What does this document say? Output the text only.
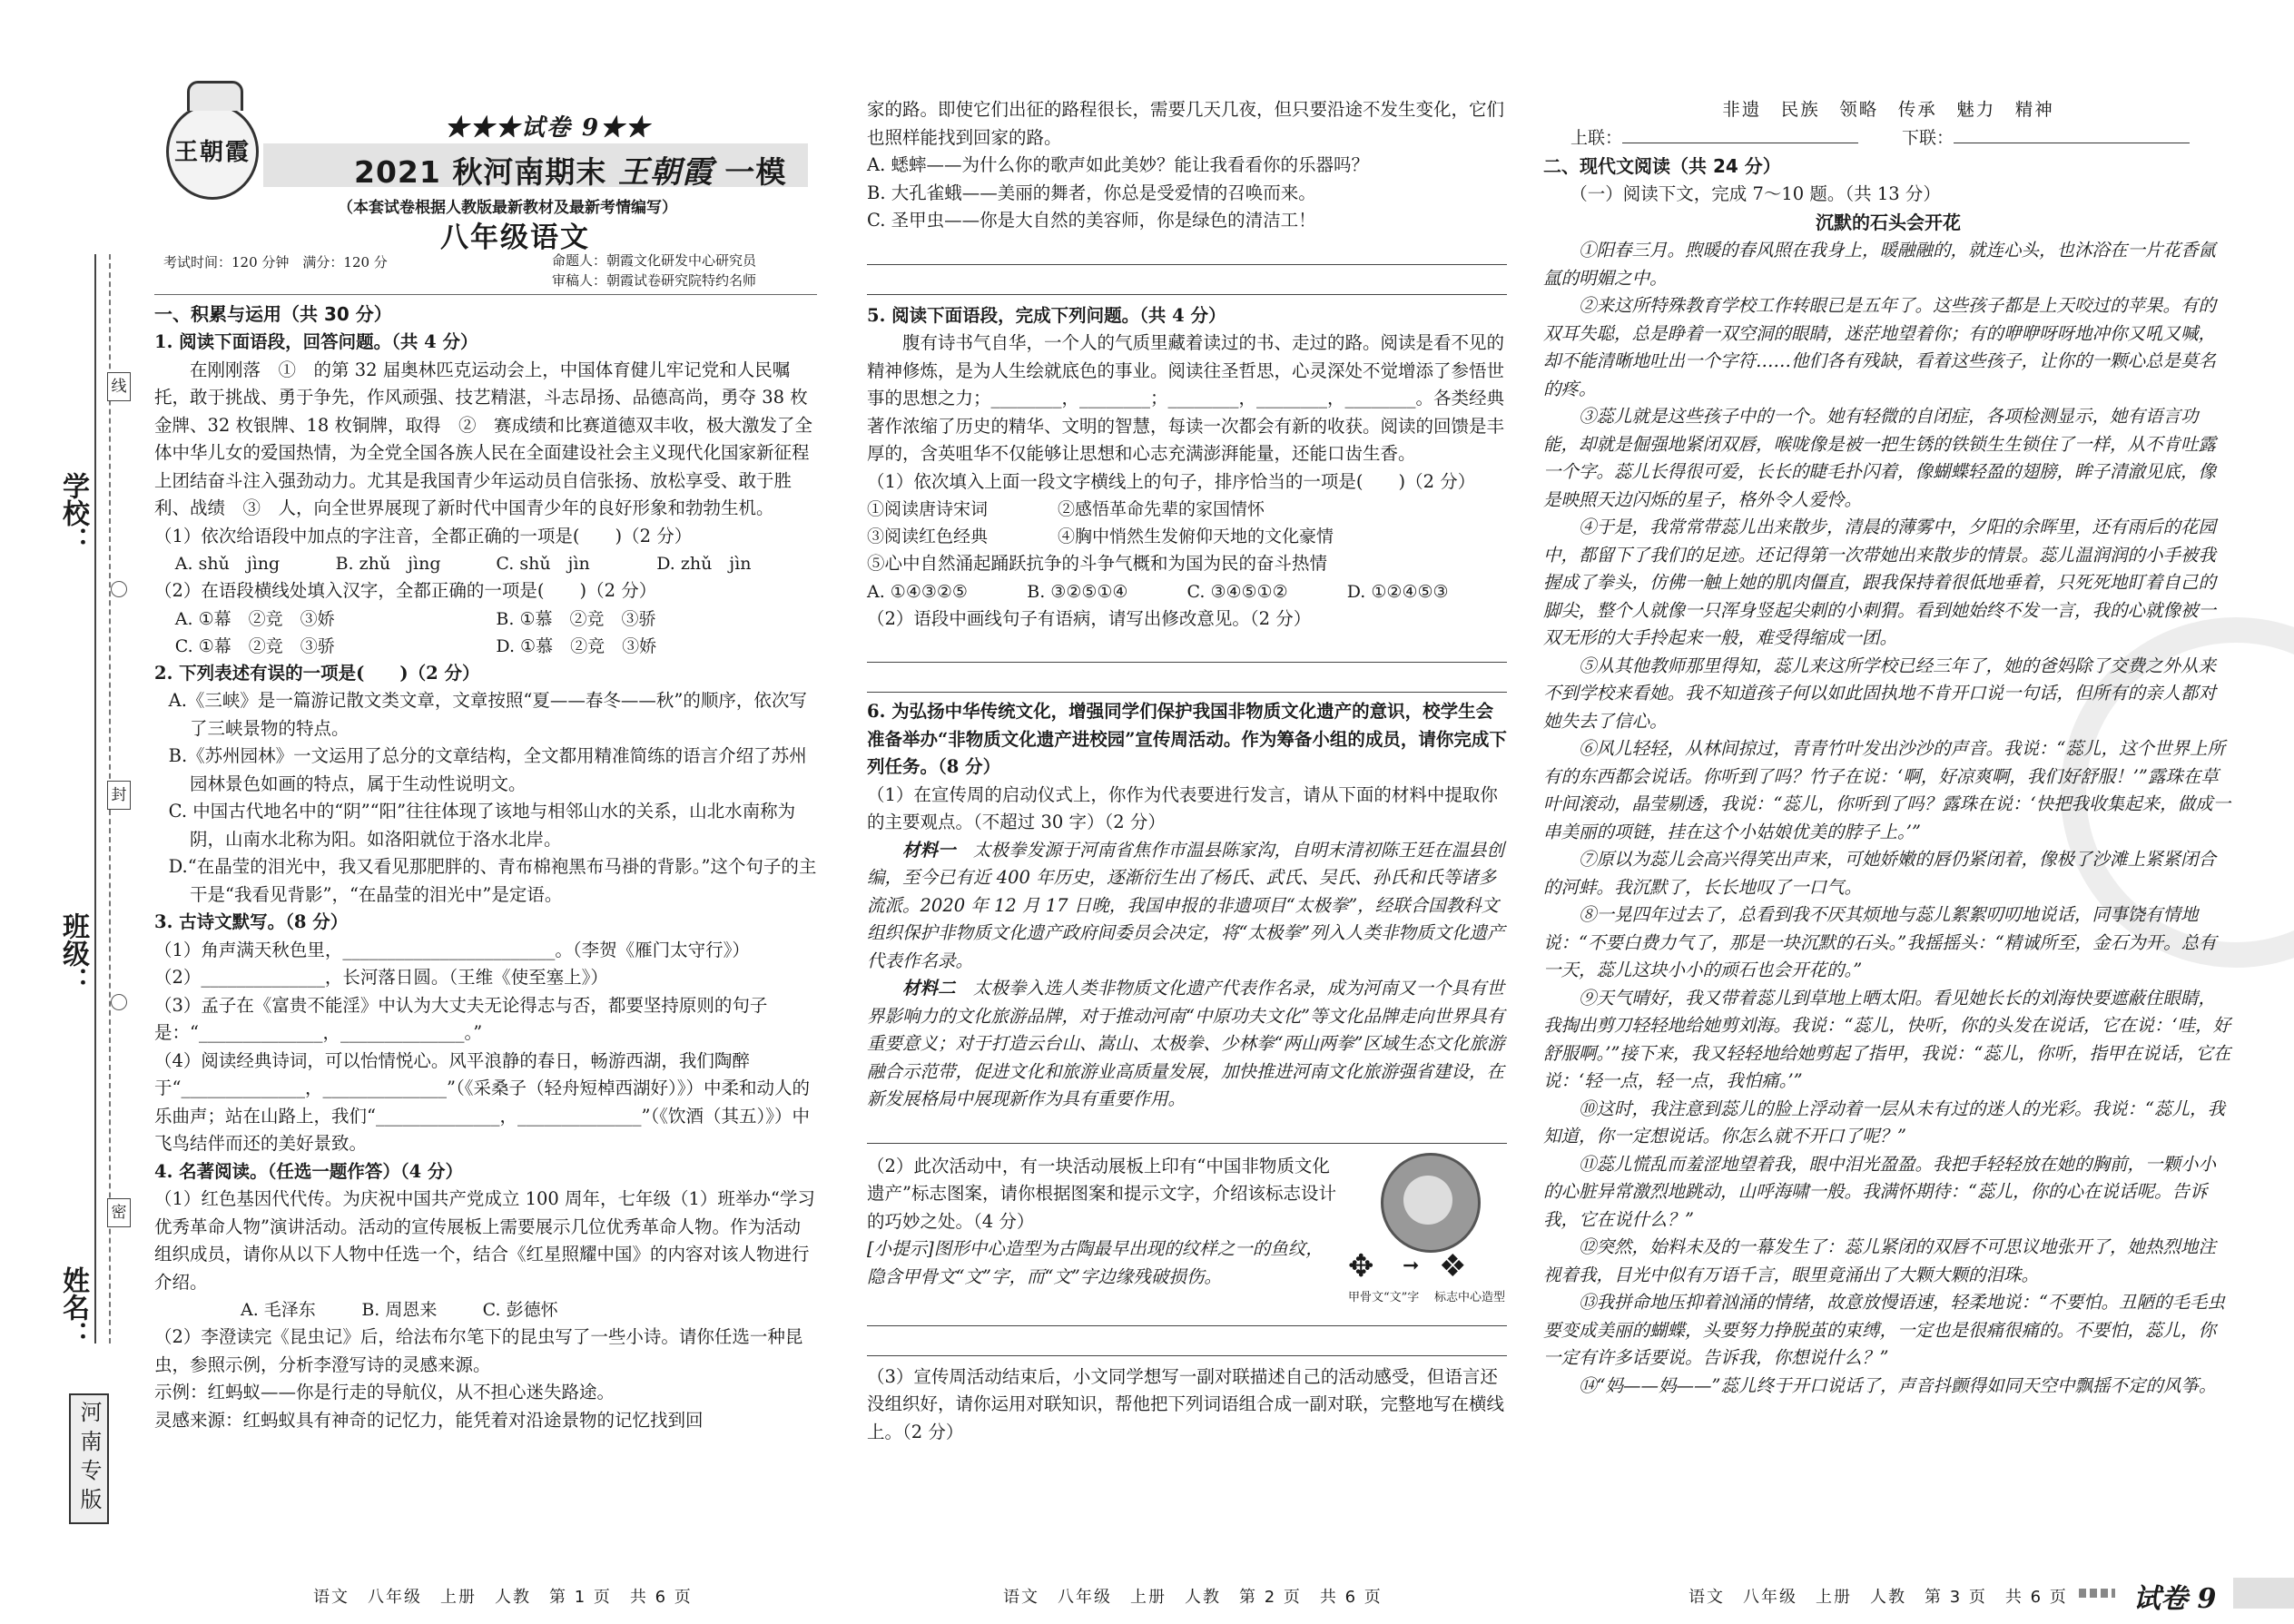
学校：
班级：
姓名：
线
封
密
河南专版
王朝霞
★★★试卷 9★★
2021 秋河南期末 王朝霞 一模
（本套试卷根据人教版最新教材及最新考情编写）
八年级语文
考试时间：120 分钟　满分：120 分	命题人：朝霞文化研发中心研究员
审稿人：朝霞试卷研究院特约名师

一、积累与运用（共 30 分）

1. 阅读下面语段，回答问题。（共 4 分）

在刚刚落　①　的第 32 届奥林匹克运动会上，中国体育健儿牢记党和人民嘱托，敢于挑战、勇于争先，作风顽强、技艺精湛，斗志昂扬、品德高尚，勇夺 38 枚金牌、32 枚银牌、18 枚铜牌，取得　②　赛成绩和比赛道德双丰收，极大激发了全体中华儿女的爱国热情，为全党全国各族人民在全面建设社会主义现代化国家新征程上团结奋斗注入强劲动力。尤其是我国青少年运动员自信张扬、放松享受、敢于胜利、战绩　③　人，向全世界展现了新时代中国青少年的良好形象和勃勃生机。

（1）依次给语段中加点的字注音，全都正确的一项是(　　)（2 分）

A. shǔ　jìng	B. zhǔ　jìng	C. shǔ　jìn	D. zhǔ　jìn

（2）在语段横线处填入汉字，全都正确的一项是(　　)（2 分）

A. ①幕　②竞　③娇	B. ①慕　②竞　③骄
C. ①幕　②竞　③骄	D. ①慕　②竞　③娇

2. 下列表述有误的一项是(　　)（2 分）

A.《三峡》是一篇游记散文类文章，文章按照“夏——春冬——秋”的顺序，依次写了三峡景物的特点。

B.《苏州园林》一文运用了总分的文章结构，全文都用精准简练的语言介绍了苏州园林景色如画的特点，属于生动性说明文。

C. 中国古代地名中的“阴”“阳”往往体现了该地与相邻山水的关系，山北水南称为阴，山南水北称为阳。如洛阳就位于洛水北岸。

D.“在晶莹的泪光中，我又看见那肥胖的、青布棉袍黑布马褂的背影。”这个句子的主干是“我看见背影”，“在晶莹的泪光中”是定语。

3. 古诗文默写。（8 分）

（1）角声满天秋色里，________________________。（李贺《雁门太守行》）

（2）______________，长河落日圆。（王维《使至塞上》）

（3）孟子在《富贵不能淫》中认为大丈夫无论得志与否，都要坚持原则的句子是：“______________，______________。”

（4）阅读经典诗词，可以怡情悦心。风平浪静的春日，畅游西湖，我们陶醉于“______________，______________”（《采桑子（轻舟短棹西湖好）》）中柔和动人的乐曲声；站在山路上，我们“______________，______________”（《饮酒（其五）》）中飞鸟结伴而还的美好景致。

4. 名著阅读。（任选一题作答）（4 分）

（1）红色基因代代传。为庆祝中国共产党成立 100 周年，七年级（1）班举办“学习优秀革命人物”演讲活动。活动的宣传展板上需要展示几位优秀革命人物。作为活动组织成员，请你从以下人物中任选一个，结合《红星照耀中国》的内容对该人物进行介绍。

A. 毛泽东	B. 周恩来	C. 彭德怀

（2）李澄读完《昆虫记》后，给法布尔笔下的昆虫写了一些小诗。请你任选一种昆虫，参照示例，分析李澄写诗的灵感来源。

示例：红蚂蚁——你是行走的导航仪，从不担心迷失路途。

灵感来源：红蚂蚁具有神奇的记忆力，能凭着对沿途景物的记忆找到回

语文　八年级　上册　人教　第 1 页　共 6 页

家的路。即使它们出征的路程很长，需要几天几夜，但只要沿途不发生变化，它们也照样能找到回家的路。

A. 蟋蟀——为什么你的歌声如此美妙？能让我看看你的乐器吗？

B. 大孔雀蛾——美丽的舞者，你总是受爱情的召唤而来。

C. 圣甲虫——你是大自然的美容师，你是绿色的清洁工！

5. 阅读下面语段，完成下列问题。（共 4 分）

腹有诗书气自华，一个人的气质里藏着读过的书、走过的路。阅读是看不见的精神修炼，是为人生绘就底色的事业。阅读往圣哲思，心灵深处不觉增添了参悟世事的思想之力；________，________；________，________，________。各类经典著作浓缩了历史的精华、文明的智慧，每读一次都会有新的收获。阅读的回馈是丰厚的，含英咀华不仅能够让思想和心志充满澎湃能量，还能口齿生香。

（1）依次填入上面一段文字横线上的句子，排序恰当的一项是(　　)（2 分）

①阅读唐诗宋词	②感悟革命先辈的家国情怀
③阅读红色经典	④胸中悄然生发俯仰天地的文化豪情

⑤心中自然涌起踊跃抗争的斗争气概和为国为民的奋斗热情

A. ①④③②⑤	B. ③②⑤①④	C. ③④⑤①②	D. ①②④⑤③

（2）语段中画线句子有语病，请写出修改意见。（2 分）

6. 为弘扬中华传统文化，增强同学们保护我国非物质文化遗产的意识，校学生会准备举办“非物质文化遗产进校园”宣传周活动。作为筹备小组的成员，请你完成下列任务。（8 分）

（1）在宣传周的启动仪式上，你作为代表要进行发言，请从下面的材料中提取你的主要观点。（不超过 30 字）（2 分）

材料一　 太极拳发源于河南省焦作市温县陈家沟，自明末清初陈王廷在温县创编，至今已有近 400 年历史，逐渐衍生出了杨氏、武氏、吴氏、孙氏和氏等诸多流派。2020 年 12 月 17 日晚，我国申报的非遗项目“太极拳”，经联合国教科文组织保护非物质文化遗产政府间委员会决定，将“太极拳”列入人类非物质文化遗产代表作名录。

材料二　 太极拳入选人类非物质文化遗产代表作名录，成为河南又一个具有世界影响力的文化旅游品牌，对于推动河南“中原功夫文化”等文化品牌走向世界具有重要意义；对于打造云台山、嵩山、太极拳、少林拳“两山两拳”区域生态文化旅游融合示范带，促进文化和旅游业高质量发展，加快推进河南文化旅游强省建设，在新发展格局中展现新作为具有重要作用。

✥ ➞ ❖
甲骨文“文”字 标志中心造型

（2）此次活动中，有一块活动展板上印有“中国非物质文化遗产”标志图案，请你根据图案和提示文字，介绍该标志设计的巧妙之处。（4 分）

[小提示]图形中心造型为古陶最早出现的纹样之一的鱼纹，隐含甲骨文“文”字，而“文”字边缘残破损伤。

（3）宣传周活动结束后，小文同学想写一副对联描述自己的活动感受，但语言还没组织好，请你运用对联知识，帮他把下列词语组合成一副对联，完整地写在横线上。（2 分）

语文　八年级　上册　人教　第 2 页　共 6 页

非遗　民族　领略　传承　魅力　精神

上联：	下联：

二、现代文阅读（共 24 分）

（一）阅读下文，完成 7～10 题。（共 13 分）

沉默的石头会开花

①阳春三月。煦暖的春风照在我身上，暖融融的，就连心头，也沐浴在一片花香氤氲的明媚之中。

②来这所特殊教育学校工作转眼已是五年了。这些孩子都是上天咬过的苹果。有的双耳失聪，总是睁着一双空洞的眼睛，迷茫地望着你；有的咿咿呀呀地冲你又吼又喊，却不能清晰地吐出一个字符……他们各有残缺，看着这些孩子，让你的一颗心总是莫名的疼。

③蕊儿就是这些孩子中的一个。她有轻微的自闭症，各项检测显示，她有语言功能，却就是倔强地紧闭双唇，喉咙像是被一把生锈的铁锁生生锁住了一样，从不肯吐露一个字。蕊儿长得很可爱，长长的睫毛扑闪着，像蝴蝶轻盈的翅膀，眸子清澈见底，像是映照天边闪烁的星子，格外令人爱怜。

④于是，我常常带蕊儿出来散步，清晨的薄雾中，夕阳的余晖里，还有雨后的花园中，都留下了我们的足迹。还记得第一次带她出来散步的情景。蕊儿温润润的小手被我握成了拳头，仿佛一触上她的肌肉僵直，跟我保持着很低地垂着，只死死地盯着自己的脚尖，整个人就像一只浑身竖起尖刺的小刺猬。看到她始终不发一言，我的心就像被一双无形的大手拎起来一般，难受得缩成一团。

⑤从其他教师那里得知，蕊儿来这所学校已经三年了，她的爸妈除了交费之外从来不到学校来看她。我不知道孩子何以如此固执地不肯开口说一句话，但所有的亲人都对她失去了信心。

⑥风儿轻轻，从林间掠过，青青竹叶发出沙沙的声音。我说：“蕊儿，这个世界上所有的东西都会说话。你听到了吗？竹子在说：‘啊，好凉爽啊，我们好舒服！’”露珠在草叶间滚动，晶莹剔透，我说：“蕊儿，你听到了吗？露珠在说：‘快把我收集起来，做成一串美丽的项链，挂在这个小姑娘优美的脖子上。’”

⑦原以为蕊儿会高兴得笑出声来，可她娇嫩的唇仍紧闭着，像极了沙滩上紧紧闭合的河蚌。我沉默了，长长地叹了一口气。

⑧一晃四年过去了，总看到我不厌其烦地与蕊儿絮絮叨叨地说话，同事饶有情地说：“不要白费力气了，那是一块沉默的石头。”我摇摇头：“精诚所至，金石为开。总有一天，蕊儿这块小小的顽石也会开花的。”

⑨天气晴好，我又带着蕊儿到草地上晒太阳。看见她长长的刘海快要遮蔽住眼睛，我掏出剪刀轻轻地给她剪刘海。我说：“蕊儿，快听，你的头发在说话，它在说：‘哇，好舒服啊。’”接下来，我又轻轻地给她剪起了指甲，我说：“蕊儿，你听，指甲在说话，它在说：‘轻一点，轻一点，我怕痛。’”

⑩这时，我注意到蕊儿的脸上浮动着一层从未有过的迷人的光彩。我说：“蕊儿，我知道，你一定想说话。你怎么就不开口了呢？”

⑪蕊儿慌乱而羞涩地望着我，眼中泪光盈盈。我把手轻轻放在她的胸前，一颗小小的心脏异常激烈地跳动，山呼海啸一般。我满怀期待：“蕊儿，你的心在说话呢。告诉我，它在说什么？”

⑫突然，始料未及的一幕发生了：蕊儿紧闭的双唇不可思议地张开了，她热烈地注视着我，目光中似有万语千言，眼里竟涌出了大颗大颗的泪珠。

⑬我拼命地压抑着汹涌的情绪，故意放慢语速，轻柔地说：“不要怕。丑陋的毛毛虫要变成美丽的蝴蝶，头要努力挣脱茧的束缚，一定也是很痛很痛的。不要怕，蕊儿，你一定有许多话要说。告诉我，你想说什么？”

⑭“妈——妈——”蕊儿终于开口说话了，声音抖颤得如同天空中飘摇不定的风筝。

语文　八年级　上册　人教　第 3 页　共 6 页 试卷 9
